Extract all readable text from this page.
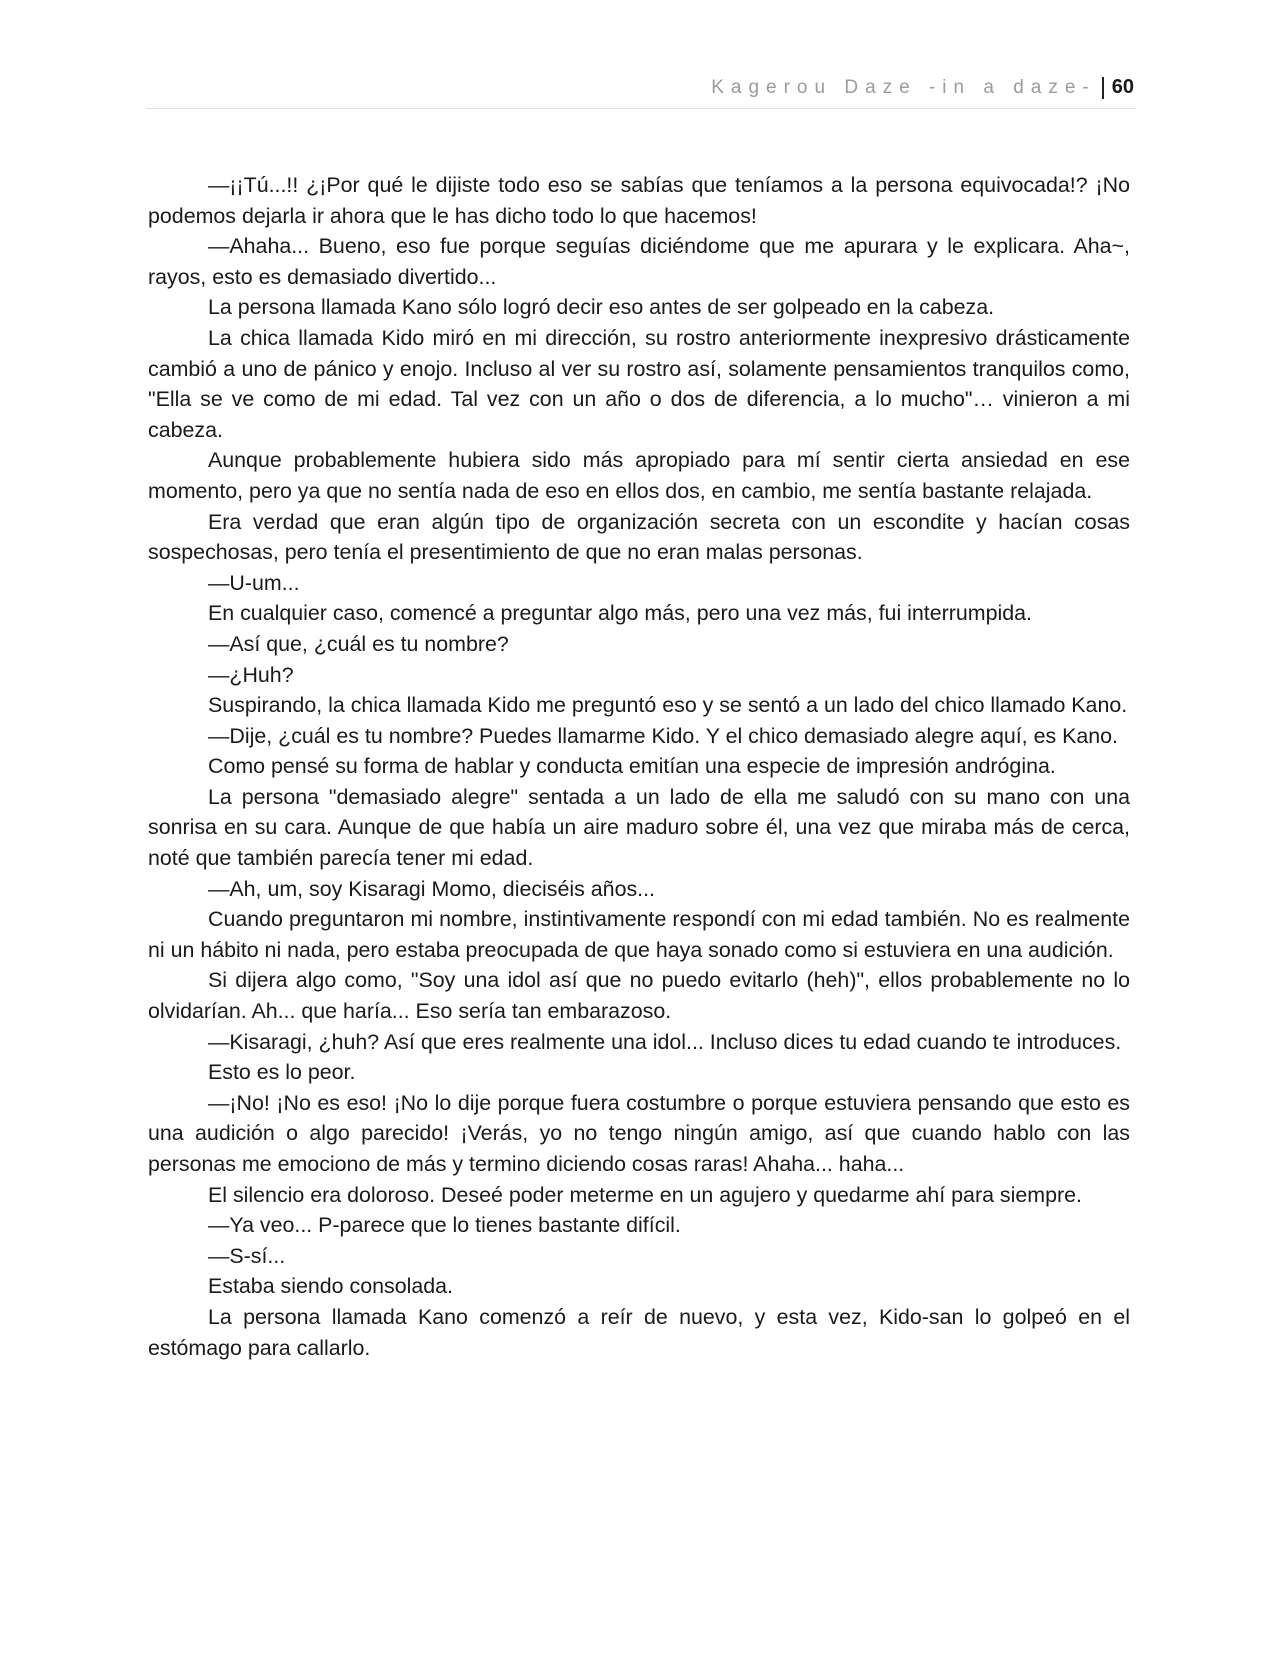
Kagerou Daze -in a daze- 60

—¡¡Tú...!! ¿¡Por qué le dijiste todo eso se sabías que teníamos a la persona equivocada!? ¡No podemos dejarla ir ahora que le has dicho todo lo que hacemos!

—Ahaha... Bueno, eso fue porque seguías diciéndome que me apurara y le explicara. Aha~, rayos, esto es demasiado divertido...

La persona llamada Kano sólo logró decir eso antes de ser golpeado en la cabeza.

La chica llamada Kido miró en mi dirección, su rostro anteriormente inexpresivo drásticamente cambió a uno de pánico y enojo. Incluso al ver su rostro así, solamente pensamientos tranquilos como, "Ella se ve como de mi edad. Tal vez con un año o dos de diferencia, a lo mucho"… vinieron a mi cabeza.

Aunque probablemente hubiera sido más apropiado para mí sentir cierta ansiedad en ese momento, pero ya que no sentía nada de eso en ellos dos, en cambio, me sentía bastante relajada.

Era verdad que eran algún tipo de organización secreta con un escondite y hacían cosas sospechosas, pero tenía el presentimiento de que no eran malas personas.

—U-um...

En cualquier caso, comencé a preguntar algo más, pero una vez más, fui interrumpida.

—Así que, ¿cuál es tu nombre?

—¿Huh?

Suspirando, la chica llamada Kido me preguntó eso y se sentó a un lado del chico llamado Kano.

—Dije, ¿cuál es tu nombre? Puedes llamarme Kido. Y el chico demasiado alegre aquí, es Kano.

Como pensé su forma de hablar y conducta emitían una especie de impresión andrógina.

La persona "demasiado alegre" sentada a un lado de ella me saludó con su mano con una sonrisa en su cara. Aunque de que había un aire maduro sobre él, una vez que miraba más de cerca, noté que también parecía tener mi edad.

—Ah, um, soy Kisaragi Momo, dieciséis años...

Cuando preguntaron mi nombre, instintivamente respondí con mi edad también. No es realmente ni un hábito ni nada, pero estaba preocupada de que haya sonado como si estuviera en una audición.

Si dijera algo como, "Soy una idol así que no puedo evitarlo (heh)", ellos probablemente no lo olvidarían. Ah... que haría... Eso sería tan embarazoso.

—Kisaragi, ¿huh? Así que eres realmente una idol... Incluso dices tu edad cuando te introduces.

Esto es lo peor.

—¡No! ¡No es eso! ¡No lo dije porque fuera costumbre o porque estuviera pensando que esto es una audición o algo parecido! ¡Verás, yo no tengo ningún amigo, así que cuando hablo con las personas me emociono de más y termino diciendo cosas raras! Ahaha... haha...

El silencio era doloroso. Deseé poder meterme en un agujero y quedarme ahí para siempre.

—Ya veo... P-parece que lo tienes bastante difícil.

—S-sí...

Estaba siendo consolada.

La persona llamada Kano comenzó a reír de nuevo, y esta vez, Kido-san lo golpeó en el estómago para callarlo.
